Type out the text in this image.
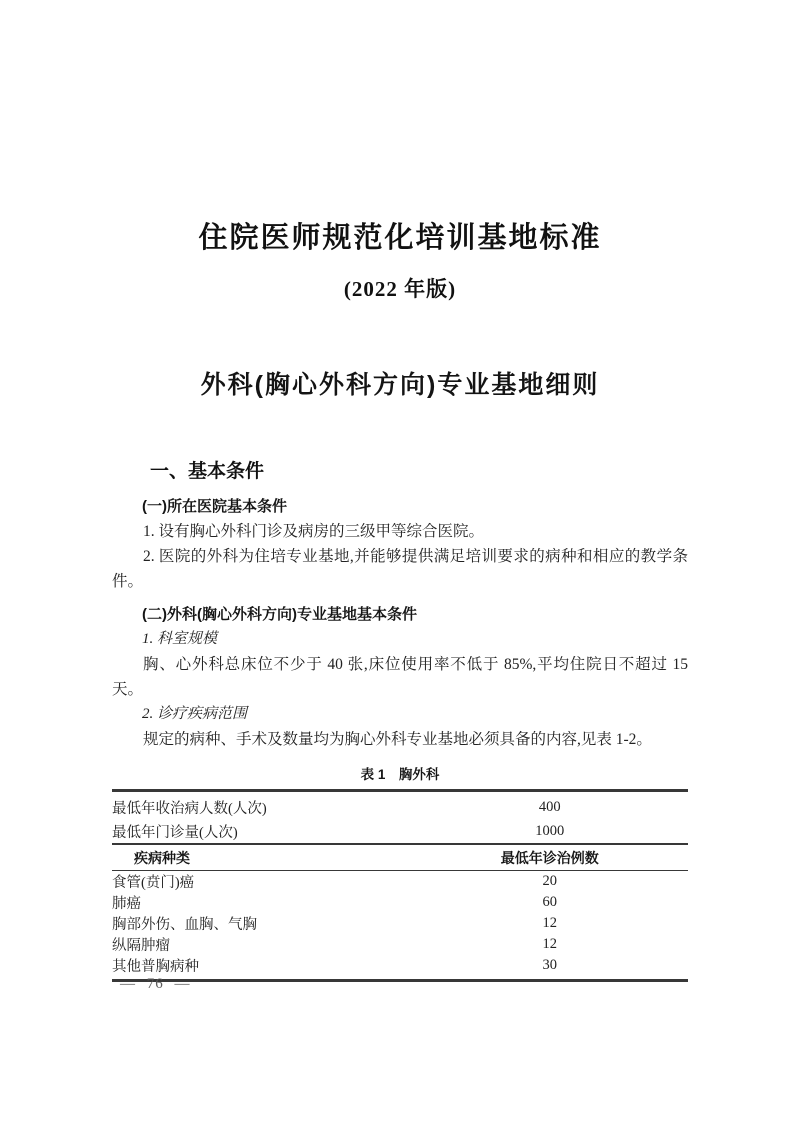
住院医师规范化培训基地标准
(2022 年版)
外科(胸心外科方向)专业基地细则
一、基本条件
(一)所在医院基本条件

1. 设有胸心外科门诊及病房的三级甲等综合医院。

2. 医院的外科为住培专业基地,并能够提供满足培训要求的病种和相应的教学条件。

(二)外科(胸心外科方向)专业基地基本条件
1. 科室规模

胸、心外科总床位不少于 40 张,床位使用率不低于 85%,平均住院日不超过 15 天。

2. 诊疗疾病范围

规定的病种、手术及数量均为胸心外科专业基地必须具备的内容,见表 1-2。

表 1　胸外科
最低年收治病人数(人次)	400
最低年门诊量(人次)	1000
疾病种类	最低年诊治例数
食管(贲门)癌	20
肺癌	60
胸部外伤、血胸、气胸	12
纵隔肿瘤	12
其他普胸病种	30
— 76 —
